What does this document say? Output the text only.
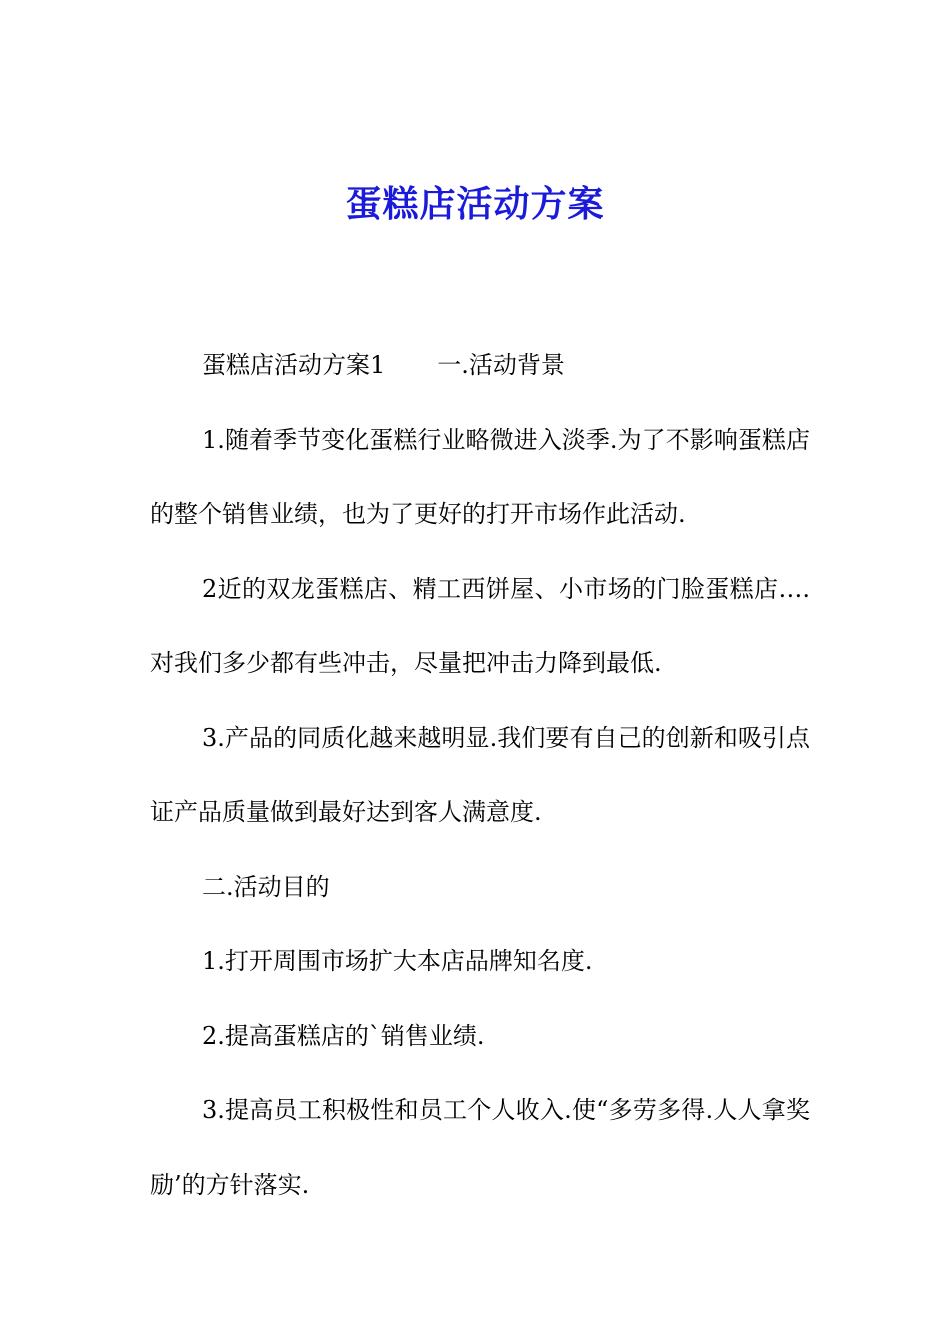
蛋糕店活动方案

蛋糕店活动方案1 一.活动背景

1.随着季节变化蛋糕行业略微进入淡季.为了不影响蛋糕店的整个销售业绩，也为了更好的打开市场作此活动.

2近的双龙蛋糕店、精工西饼屋、小市场的门脸蛋糕店….对我们多少都有些冲击，尽量把冲击力降到最低.

3.产品的同质化越来越明显.我们要有自己的创新和吸引点证产品质量做到最好达到客人满意度.

二.活动目的

1.打开周围市场扩大本店品牌知名度.

2.提高蛋糕店的`销售业绩.

3.提高员工积极性和员工个人收入.使“多劳多得.人人拿奖励’的方针落实.
